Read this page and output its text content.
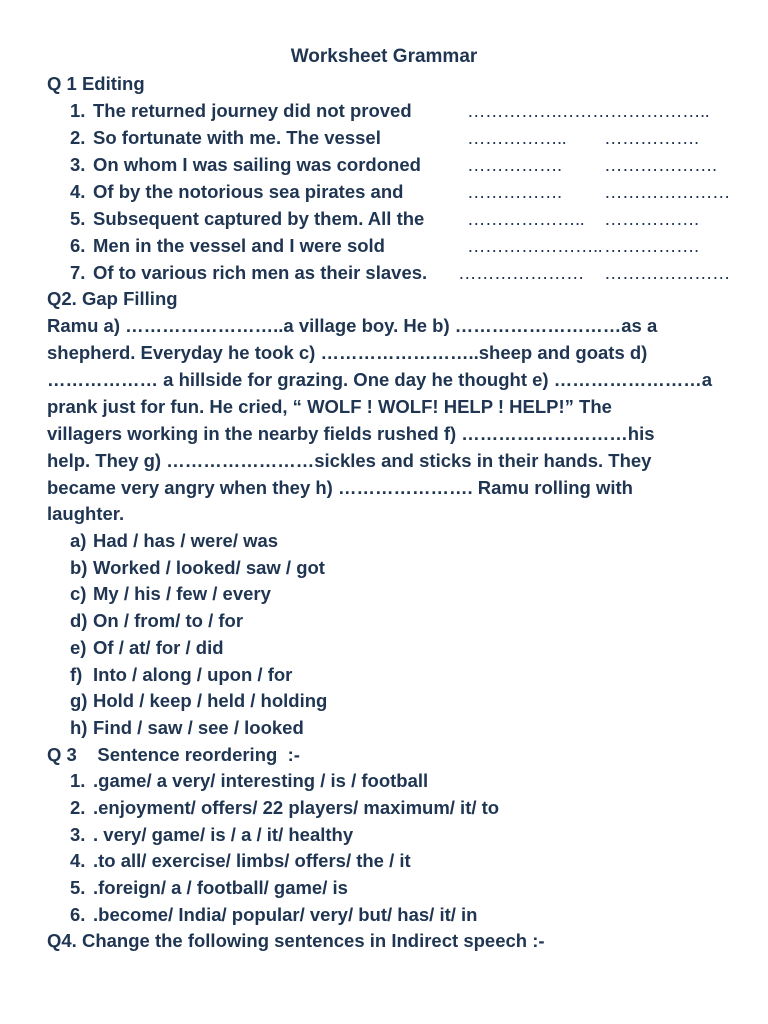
Worksheet Grammar
Q 1 Editing
1. The returned journey did not proved	…………… ……………………..
2. So fortunate with me. The vessel	…………….. …………….
3. On whom I was sailing was cordoned ……………. ……………….
4. Of by the notorious sea pirates and	……………. …………………
5. Subsequent captured by them. All the ……………….. …………….
6. Men in the vessel and I were sold	………………….. …………….
7. Of to various rich men as their slaves. ………………… …………………
Q2. Gap Filling
Ramu a) ……………………..a village boy. He b) ………………………as a
shepherd. Everyday he took c) ……………………..sheep and goats d)
……………… a hillside for grazing. One day he thought e) ……………………a
prank just for fun. He cried, “ WOLF ! WOLF! HELP ! HELP!” The
villagers working in the nearby fields rushed f) ………………………his
help. They g) ……………………sickles and sticks in their hands. They
became very angry when they h) …………………. Ramu rolling with
laughter.
a) Had / has / were/ was
b) Worked / looked/ saw / got
c) My / his / few / every
d) On / from/ to / for
e) Of / at/ for / did
f) Into / along / upon / for
g) Hold / keep / held / holding
h) Find / saw / see / looked
Q 3    Sentence reordering  :-
1. .game/ a very/ interesting / is / football
2. .enjoyment/ offers/ 22 players/ maximum/ it/ to
3. . very/ game/ is / a / it/ healthy
4. .to all/ exercise/ limbs/ offers/ the / it
5. .foreign/ a / football/ game/ is
6. .become/ India/ popular/ very/ but/ has/ it/ in
Q4. Change the following sentences in Indirect speech :-
